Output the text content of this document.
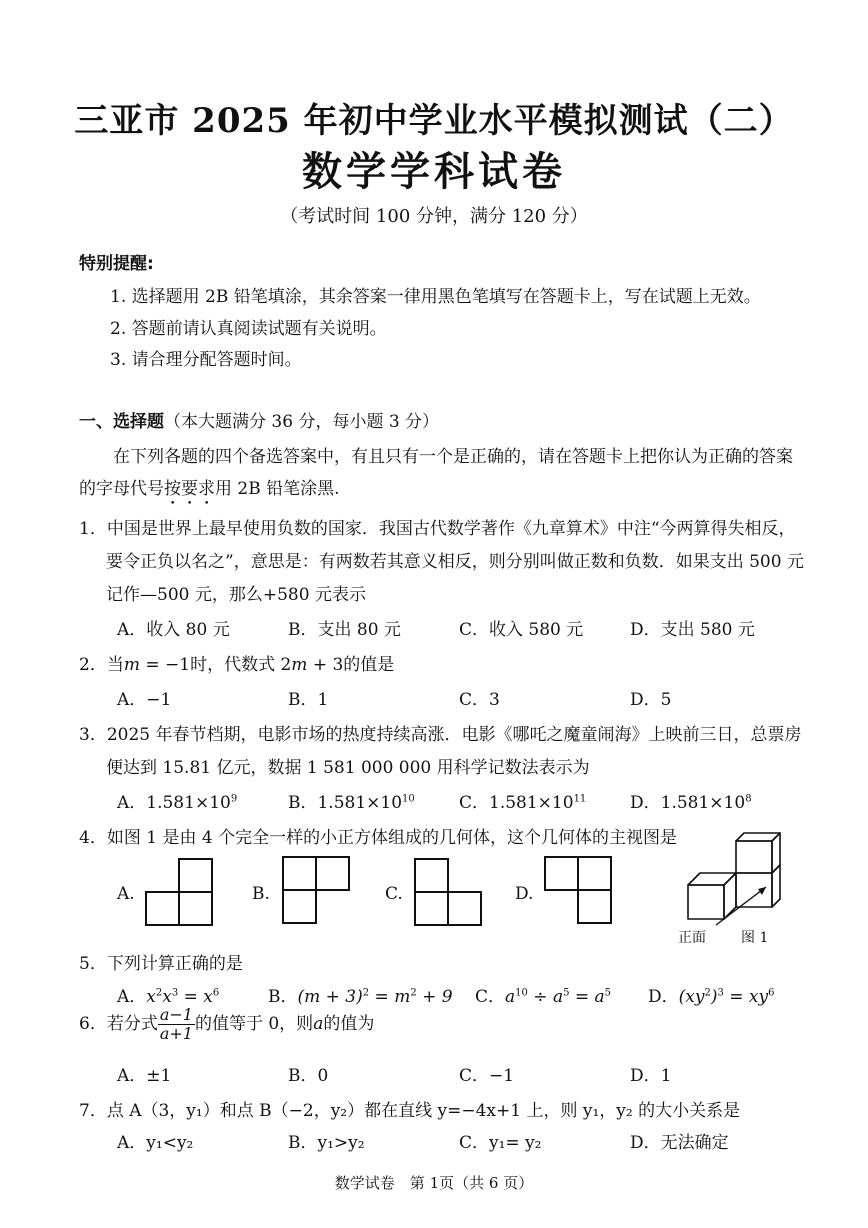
三亚市 2025 年初中学业水平模拟测试（二）
数学学科试卷
（考试时间 100 分钟，满分 120 分）
特别提醒:
1. 选择题用 2B 铅笔填涂，其余答案一律用黑色笔填写在答题卡上，写在试题上无效。
2. 答题前请认真阅读试题有关说明。
3. 请合理分配答题时间。
一、选择题（本大题满分 36 分，每小题 3 分）
在下列各题的四个备选答案中，有且只有一个是正确的，请在答题卡上把你认为正确的答案
的字母代号按要求用 2B 铅笔涂黑.
1．中国是世界上最早使用负数的国家．我国古代数学著作《九章算术》中注“今两算得失相反，
要令正负以名之”，意思是：有两数若其意义相反，则分别叫做正数和负数．如果支出 500 元
记作—500 元，那么+580 元表示
A．收入 80 元	B．支出 80 元	C．收入 580 元	D．支出 580 元
2．当m = −1时，代数式 2m + 3的值是
A．−1	B．1	C．3	D．5
3．2025 年春节档期，电影市场的热度持续高涨．电影《哪吒之魔童闹海》上映前三日，总票房
便达到 15.81 亿元，数据 1 581 000 000 用科学记数法表示为
A．$1.581\times 10^9$	B．$1.581\times 10^{10}$	C．$1.581\times 10^{11}$	D．$1.581\times 10^8$
4．如图 1 是由 4 个完全一样的小正方体组成的几何体，这个几何体的主视图是
A.	B.	C.	D.
正面	图 1
5．下列计算正确的是
A．$x^2x^3 = x^6$	B．$(m + 3)^2 = m^2 + 9$ C．$a^{10} \div a^5 = a^5$ D．$(xy^2)^3 = xy^6$
6．若分式 $\frac{a-1}{a+1}$ 的值等于 0，则a的值为
A．±1	B．0	C．−1	D．1
7．点 A（3，y₁）和点 B（−2，y₂）都在直线 y=−4x+1 上，则 y₁，y₂ 的大小关系是
A．y₁<y₂	B．y₁>y₂	C．y₁= y₂	D．无法确定
数学试卷　第 1页（共 6 页）
